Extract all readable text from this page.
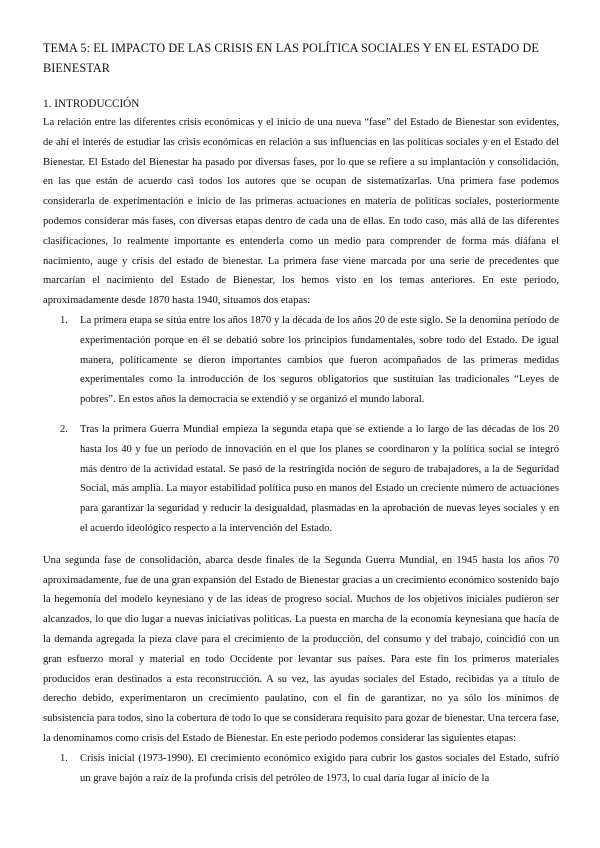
TEMA 5: EL IMPACTO DE LAS CRISIS EN LAS POLÍTICA SOCIALES Y EN EL ESTADO DE BIENESTAR
1. INTRODUCCIÓN

La relación entre las diferentes crisis económicas y el inicio de una nueva “fase” del Estado de Bienestar son evidentes, de ahí el interés de estudiar las crisis económicas en relación a sus influencias en las políticas sociales y en el Estado del Bienestar. El Estado del Bienestar ha pasado por diversas fases, por lo que se refiere a su implantación y consolidación, en las que están de acuerdo casi todos los autores que se ocupan de sistematizarlas. Una primera fase podemos considerarla de experimentación e inicio de las primeras actuaciones en materia de políticas sociales, posteriormente podemos considerar más fases, con diversas etapas dentro de cada una de ellas. En todo caso, más allá de las diferentes clasificaciones, lo realmente importante es entenderla como un medio para comprender de forma más diáfana el nacimiento, auge y crisis del estado de bienestar. La primera fase viene marcada por una serie de precedentes que marcarían el nacimiento del Estado de Bienestar, los hemos visto en los temas anteriores. En este periodo, aproximadamente desde 1870 hasta 1940, situamos dos etapas:

1. La primera etapa se sitúa entre los años 1870 y la década de los años 20 de este siglo. Se la denomina período de experimentación porque en él se debatió sobre los principios fundamentales, sobre todo del Estado. De igual manera, políticamente se dieron importantes cambios que fueron acompañados de las primeras medidas experimentales como la introducción de los seguros obligatorios que sustituían las tradicionales “Leyes de pobres”. En estos años la democracia se extendió y se organizó el mundo laboral.
2. Tras la primera Guerra Mundial empieza la segunda etapa que se extiende a lo largo de las décadas de los 20 hasta los 40 y fue un período de innovación en el que los planes se coordinaron y la política social se integró más dentro de la actividad estatal. Se pasó de la restringida noción de seguro de trabajadores, a la de Seguridad Social, más amplia. La mayor estabilidad política puso en manos del Estado un creciente número de actuaciones para garantizar la seguridad y reducir la desigualdad, plasmadas en la aprobación de nuevas leyes sociales y en el acuerdo ideológico respecto a la intervención del Estado.

Una segunda fase de consolidación, abarca desde finales de la Segunda Guerra Mundial, en 1945 hasta los años 70 aproximadamente, fue de una gran expansión del Estado de Bienestar gracias a un crecimiento económico sostenido bajo la hegemonía del modelo keynesiano y de las ideas de progreso social. Muchos de los objetivos iniciales pudieron ser alcanzados, lo que dio lugar a nuevas iniciativas políticas. La puesta en marcha de la economía keynesiana que hacía de la demanda agregada la pieza clave para el crecimiento de la producción, del consumo y del trabajo, coincidió con un gran esfuerzo moral y material en todo Occidente por levantar sus países. Para este fin los primeros materiales producidos eran destinados a esta reconstrucción. A su vez, las ayudas sociales del Estado, recibidas ya a título de derecho debido, experimentaron un crecimiento paulatino, con el fin de garantizar, no ya sólo los mínimos de subsistencia para todos, sino la cobertura de todo lo que se considerara requisito para gozar de bienestar. Una tercera fase, la denominamos como crisis del Estado de Bienestar. En este periodo podemos considerar las siguientes etapas:

1. Crisis inicial (1973-1990). El crecimiento económico exigido para cubrir los gastos sociales del Estado, sufrió un grave bajón a raíz de la profunda crisis del petróleo de 1973, lo cual daría lugar al inicio de la
